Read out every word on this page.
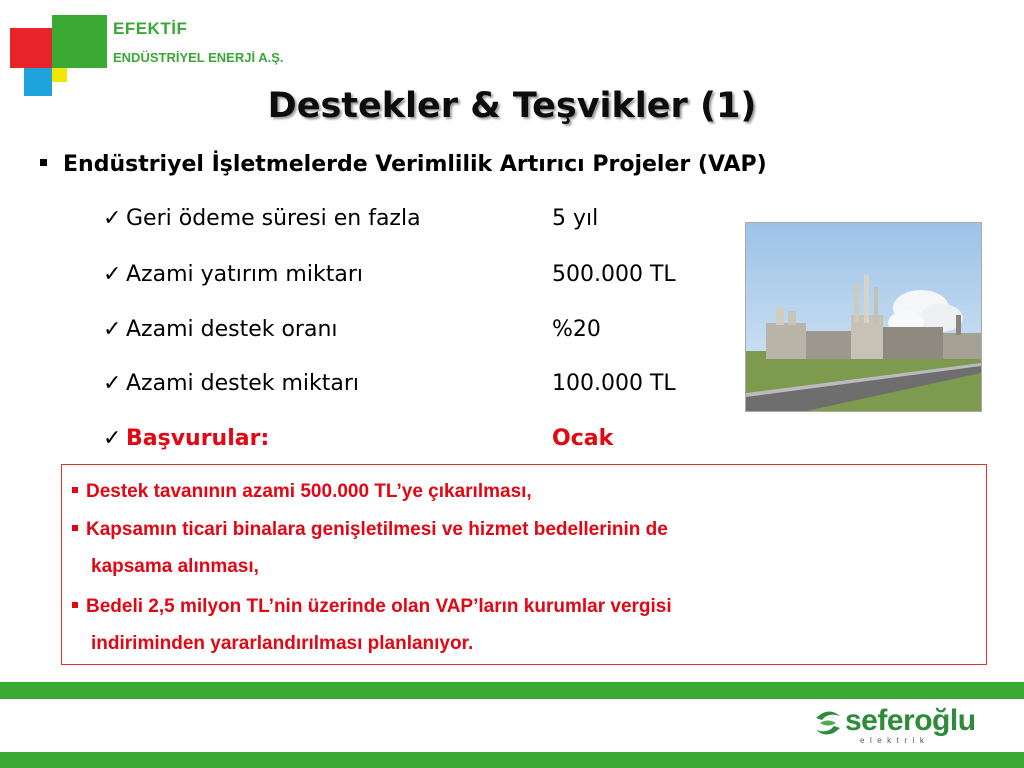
EFEKTİF
ENDÜSTRİYEL ENERJİ A.Ş.
Destekler & Teşvikler (1)
Endüstriyel İşletmelerde Verimlilik Artırıcı Projeler (VAP)
✓ Geri ödeme süresi en fazla	5 yıl
✓ Azami yatırım miktarı	500.000 TL
✓ Azami destek oranı	%20
✓ Azami destek miktarı	100.000 TL
✓ Başvurular:	Ocak
Destek tavanının azami 500.000 TL’ye çıkarılması,
Kapsamın ticari binalara genişletilmesi ve hizmet bedellerinin de
kapsama alınması,
Bedeli 2,5 milyon TL’nin üzerinde olan VAP’ların kurumlar vergisi
indiriminden yararlandırılması planlanıyor.
seferoğlu
elektrik
